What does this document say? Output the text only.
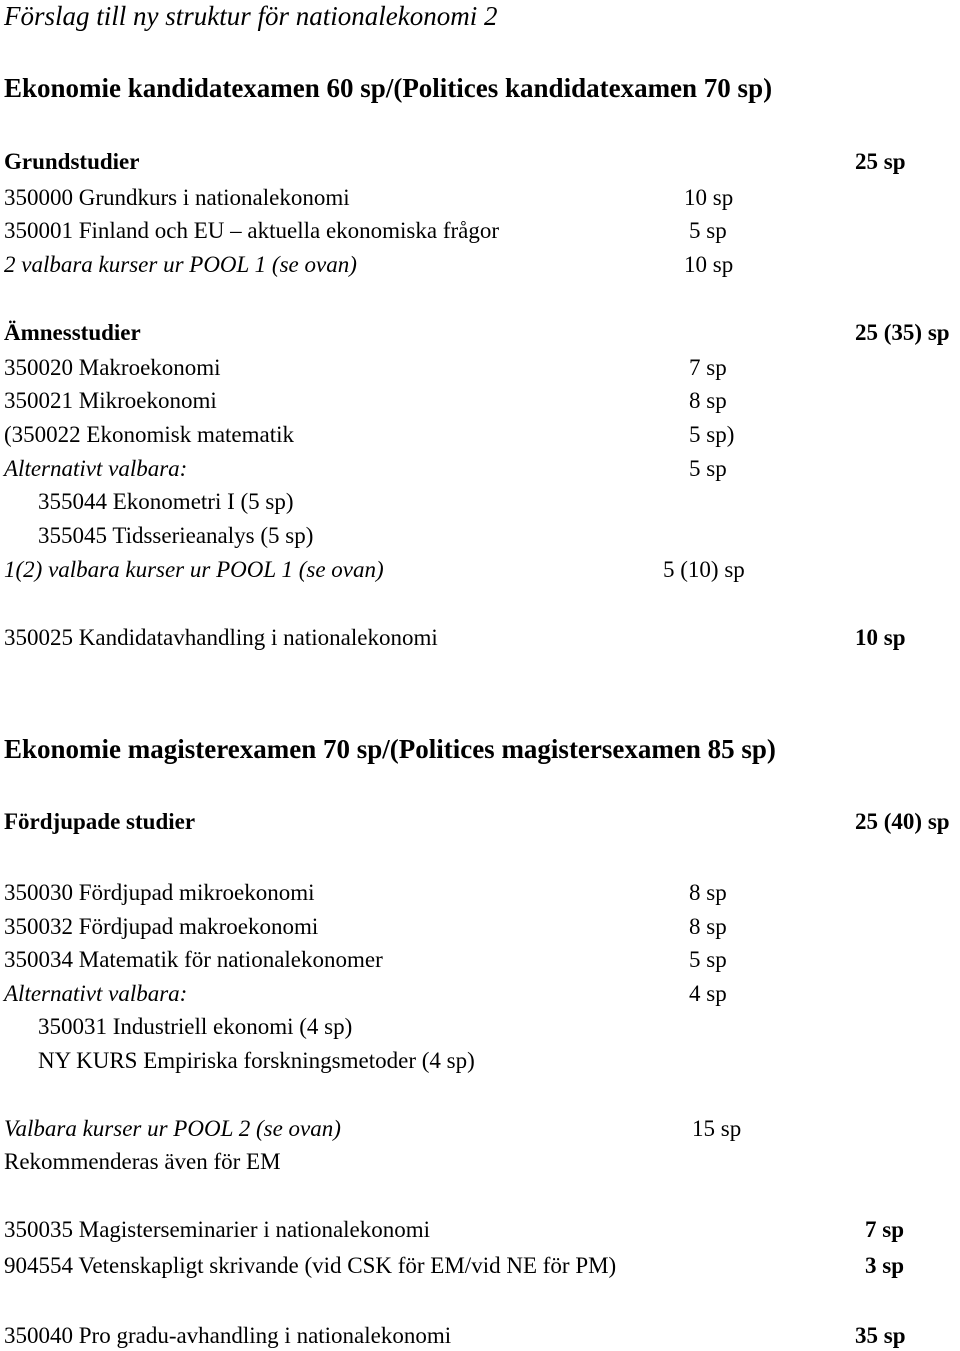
Förslag till ny struktur för nationalekonomi 2
Ekonomie kandidatexamen 60 sp/(Politices kandidatexamen 70 sp)
Grundstudier	25 sp
350000 Grundkurs i nationalekonomi	10 sp
350001 Finland och EU – aktuella ekonomiska frågor	5 sp
2 valbara kurser ur POOL 1 (se ovan)	10 sp
Ämnesstudier	25 (35) sp
350020 Makroekonomi	7 sp
350021 Mikroekonomi	8 sp
(350022 Ekonomisk matematik	5 sp)
Alternativt valbara:	5 sp
355044 Ekonometri I (5 sp)
355045 Tidsserieanalys (5 sp)
1(2) valbara kurser ur POOL 1 (se ovan)	5 (10) sp
350025 Kandidatavhandling i nationalekonomi	10 sp
Ekonomie magisterexamen 70 sp/(Politices magistersexamen 85 sp)
Fördjupade studier	25 (40) sp
350030 Fördjupad mikroekonomi	8 sp
350032 Fördjupad makroekonomi	8 sp
350034 Matematik för nationalekonomer	5 sp
Alternativt valbara:	4 sp
350031 Industriell ekonomi (4 sp)
NY KURS Empiriska forskningsmetoder (4 sp)
Valbara kurser ur POOL 2 (se ovan)	15 sp
Rekommenderas även för EM
350035 Magisterseminarier i nationalekonomi	7 sp
904554 Vetenskapligt skrivande (vid CSK för EM/vid NE för PM)	3 sp
350040 Pro gradu-avhandling i nationalekonomi	35 sp
